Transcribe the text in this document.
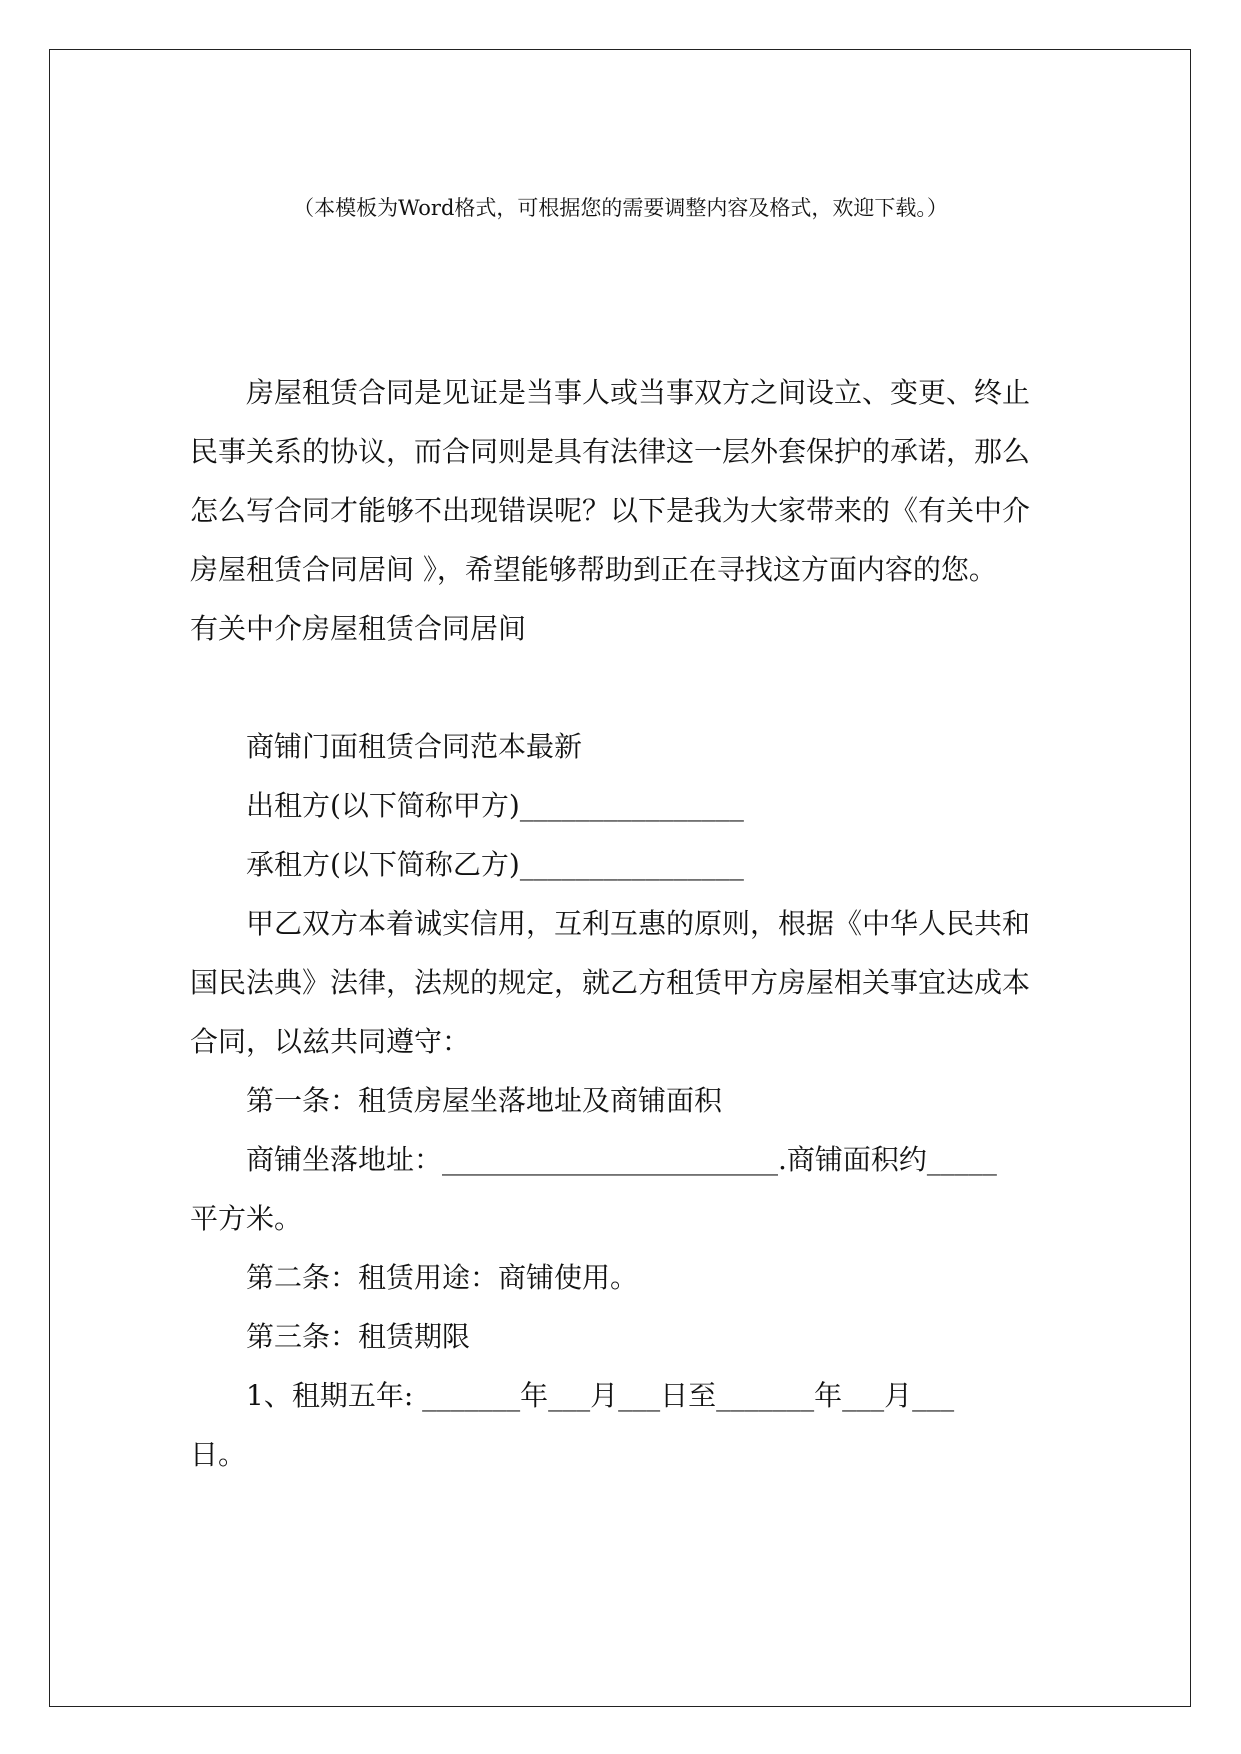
（本模板为Word格式，可根据您的需要调整内容及格式，欢迎下载。）

房屋租赁合同是见证是当事人或当事双方之间设立、变更、终止

民事关系的协议，而合同则是具有法律这一层外套保护的承诺，那么

怎么写合同才能够不出现错误呢？以下是我为大家带来的《有关中介

房屋租赁合同居间 》，希望能够帮助到正在寻找这方面内容的您。

有关中介房屋租赁合同居间

商铺门面租赁合同范本最新

出租方(以下简称甲方)________________

承租方(以下简称乙方)________________

甲乙双方本着诚实信用，互利互惠的原则，根据《中华人民共和

国民法典》法律，法规的规定，就乙方租赁甲方房屋相关事宜达成本

合同，以兹共同遵守：

第一条：租赁房屋坐落地址及商铺面积

商铺坐落地址：________________________.商铺面积约_____

平方米。

第二条：租赁用途：商铺使用。

第三条：租赁期限

1、租期五年: _______年___月___日至_______年___月___

日。
